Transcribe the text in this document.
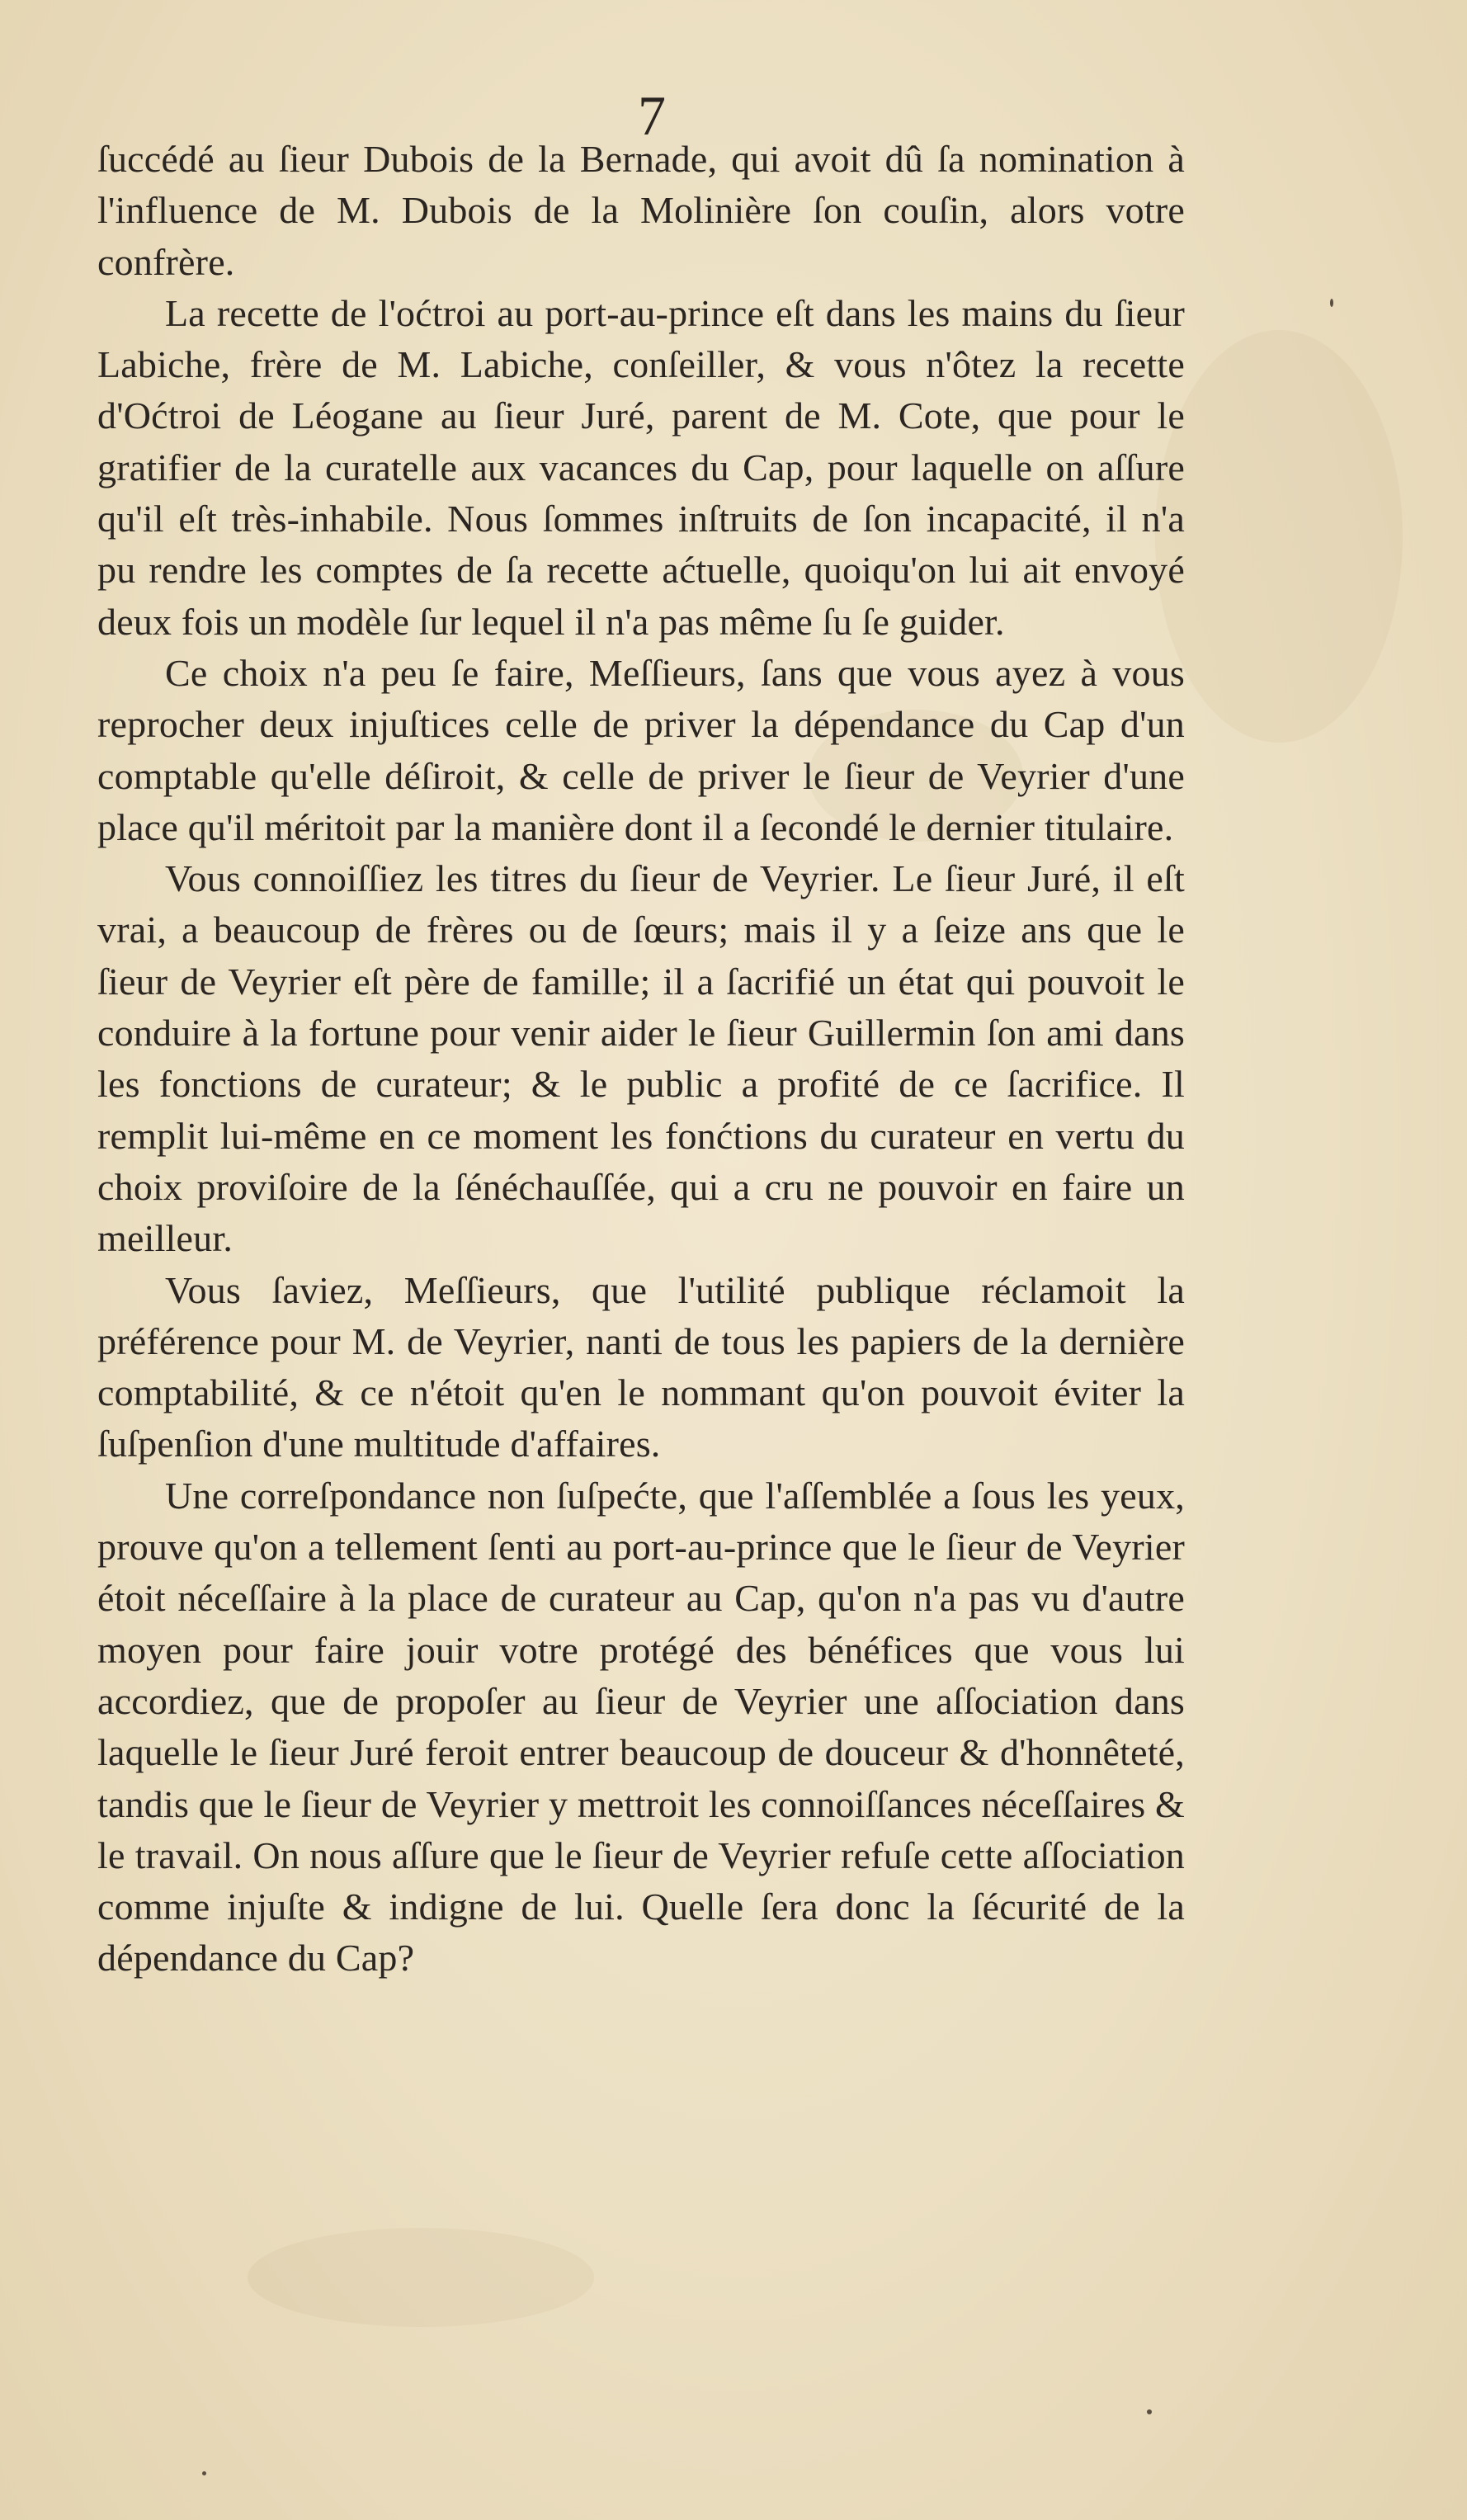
7

ſuccédé au ſieur Dubois de la Bernade, qui avoit dû ſa nomination à l'influence de M. Dubois de la Molinière ſon couſin, alors votre confrère.

La recette de l'oćtroi au port-au-prince eſt dans les mains du ſieur Labiche, frère de M. Labiche, conſeiller, & vous n'ôtez la recette d'Oćtroi de Léogane au ſieur Juré, parent de M. Cote, que pour le gratifier de la curatelle aux vacances du Cap, pour laquelle on aſſure qu'il eſt très-inhabile. Nous ſommes inſtruits de ſon incapacité, il n'a pu rendre les comptes de ſa recette aćtuelle, quoiqu'on lui ait envoyé deux fois un modèle ſur lequel il n'a pas même ſu ſe guider.

Ce choix n'a peu ſe faire, Meſſieurs, ſans que vous ayez à vous reprocher deux injuſtices celle de priver la dépendance du Cap d'un comptable qu'elle déſiroit, & celle de priver le ſieur de Veyrier d'une place qu'il méritoit par la manière dont il a ſecondé le dernier titulaire.

Vous connoiſſiez les titres du ſieur de Veyrier. Le ſieur Juré, il eſt vrai, a beaucoup de frères ou de ſœurs; mais il y a ſeize ans que le ſieur de Veyrier eſt père de famille; il a ſacrifié un état qui pouvoit le conduire à la fortune pour venir aider le ſieur Guillermin ſon ami dans les fonctions de curateur; & le public a profité de ce ſacrifice. Il remplit lui-même en ce moment les fonćtions du curateur en vertu du choix proviſoire de la ſénéchauſſée, qui a cru ne pouvoir en faire un meilleur.

Vous ſaviez, Meſſieurs, que l'utilité publique réclamoit la préférence pour M. de Veyrier, nanti de tous les papiers de la dernière comptabilité, & ce n'étoit qu'en le nommant qu'on pouvoit éviter la ſuſpenſion d'une multitude d'affaires.

Une correſpondance non ſuſpećte, que l'aſſemblée a ſous les yeux, prouve qu'on a tellement ſenti au port-au-prince que le ſieur de Veyrier étoit néceſſaire à la place de curateur au Cap, qu'on n'a pas vu d'autre moyen pour faire jouir votre protégé des bénéfices que vous lui accordiez, que de propoſer au ſieur de Veyrier une aſſociation dans laquelle le ſieur Juré feroit entrer beaucoup de douceur & d'honnêteté, tandis que le ſieur de Veyrier y mettroit les connoiſſances néceſſaires & le travail. On nous aſſure que le ſieur de Veyrier refuſe cette aſſociation comme injuſte & indigne de lui. Quelle ſera donc la ſécurité de la dépendance du Cap?
